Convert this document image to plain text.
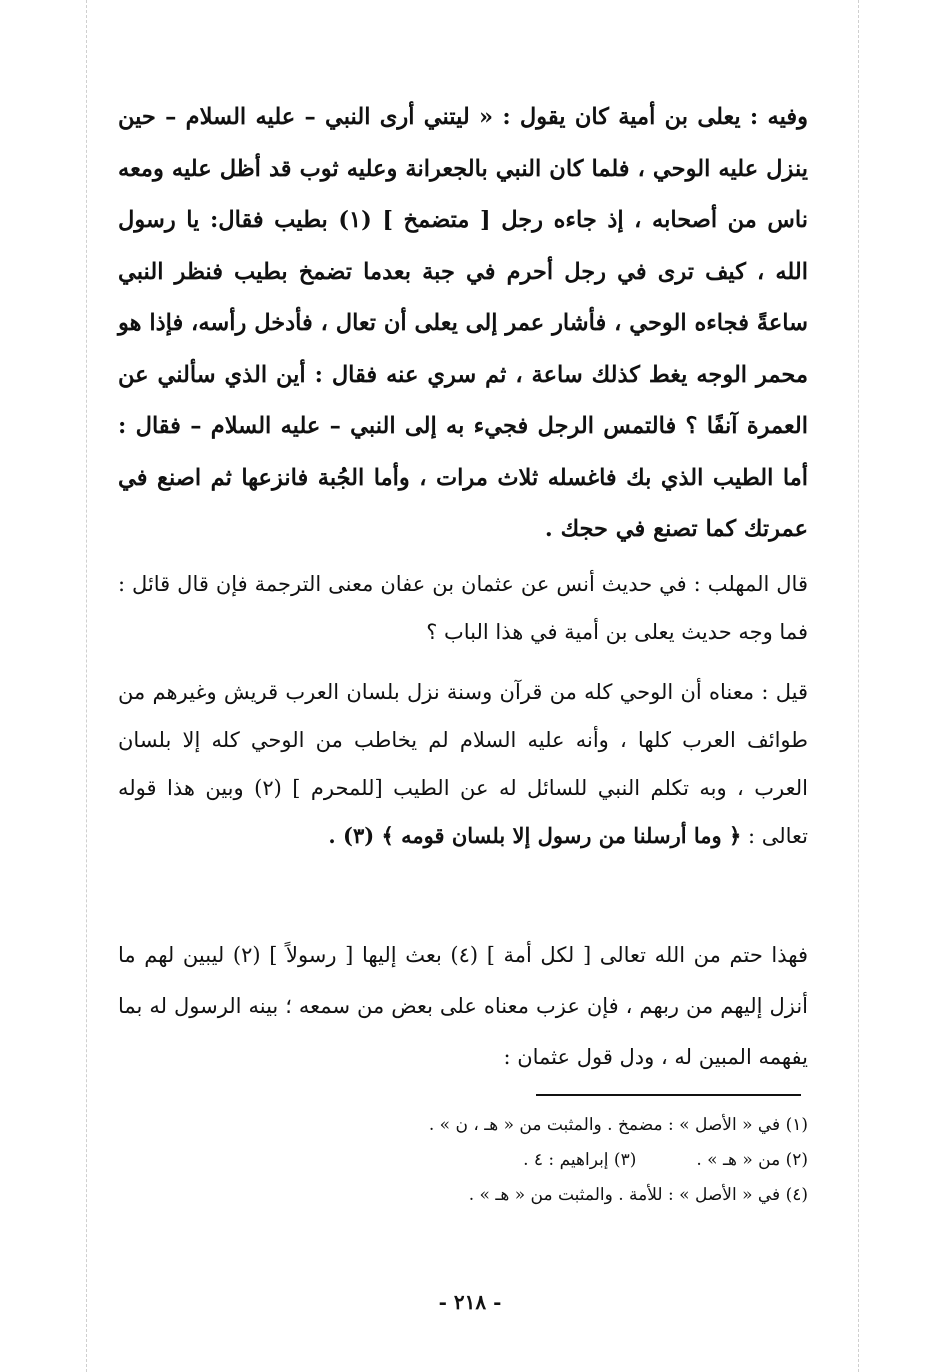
وفيه : يعلى بن أمية كان يقول : « ليتني أرى النبي – عليه السلام – حين ينزل عليه الوحي ، فلما كان النبي بالجعرانة وعليه ثوب قد أظل عليه ومعه ناس من أصحابه ، إذ جاءه رجل [ متضمخ ] (١) بطيب فقال: يا رسول الله ، كيف ترى في رجل أحرم في جبة بعدما تضمخ بطيب فنظر النبي ساعةً فجاءه الوحي ، فأشار عمر إلى يعلى أن تعال ، فأدخل رأسه، فإذا هو محمر الوجه يغط كذلك ساعة ، ثم سري عنه فقال : أين الذي سألني عن العمرة آنفًا ؟ فالتمس الرجل فجيء به إلى النبي – عليه السلام – فقال : أما الطيب الذي بك فاغسله ثلاث مرات ، وأما الجُبة فانزعها ثم اصنع في عمرتك كما تصنع في حجك .
قال المهلب : في حديث أنس عن عثمان بن عفان معنى الترجمة فإن قال قائل : فما وجه حديث يعلى بن أمية في هذا الباب ؟
قيل : معناه أن الوحي كله من قرآن وسنة نزل بلسان العرب قريش وغيرهم من طوائف العرب كلها ، وأنه عليه السلام لم يخاطب من الوحي كله إلا بلسان العرب ، وبه تكلم النبي للسائل له عن الطيب [للمحرم ] (٢) وبين هذا قوله تعالى : ﴿ وما أرسلنا من رسول إلا بلسان قومه ﴾ (٣) .
فهذا حتم من الله تعالى [ لكل أمة ] (٤) بعث إليها [ رسولاً ] (٢) ليبين لهم ما أنزل إليهم من ربهم ، فإن عزب معناه على بعض من سمعه ؛ بينه الرسول له بما يفهمه المبين له ، ودل قول عثمان :
(١) في « الأصل » : مضمخ . والمثبت من « هـ ، ن » .
(٢) من « هـ » .(٣) إبراهيم : ٤ .
(٤) في « الأصل » : للأمة . والمثبت من « هـ » .
- ٢١٨ -
